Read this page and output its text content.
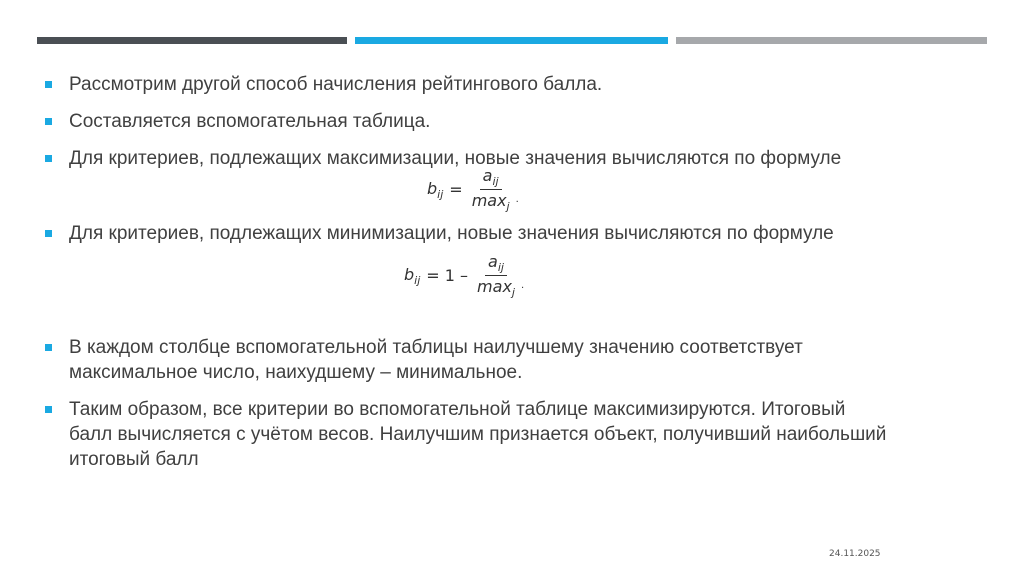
Рассмотрим другой способ начисления рейтингового балла.
Составляется вспомогательная таблица.
Для критериев, подлежащих максимизации, новые значения вычисляются по формуле
Для критериев, подлежащих минимизации, новые значения вычисляются по формуле
В каждом столбце вспомогательной таблицы наилучшему значению соответствует максимальное число, наихудшему – минимальное.
Таким образом, все критерии во вспомогательной таблице максимизируются. Итоговый балл вычисляется с учётом весов. Наилучшим признается объект, получивший наибольший итоговый балл
$b_{ij} = \frac{a_{ij}}{\max_j}$ .
$b_{ij} = 1 - \frac{a_{ij}}{\max_j}$ .
24.11.2025
